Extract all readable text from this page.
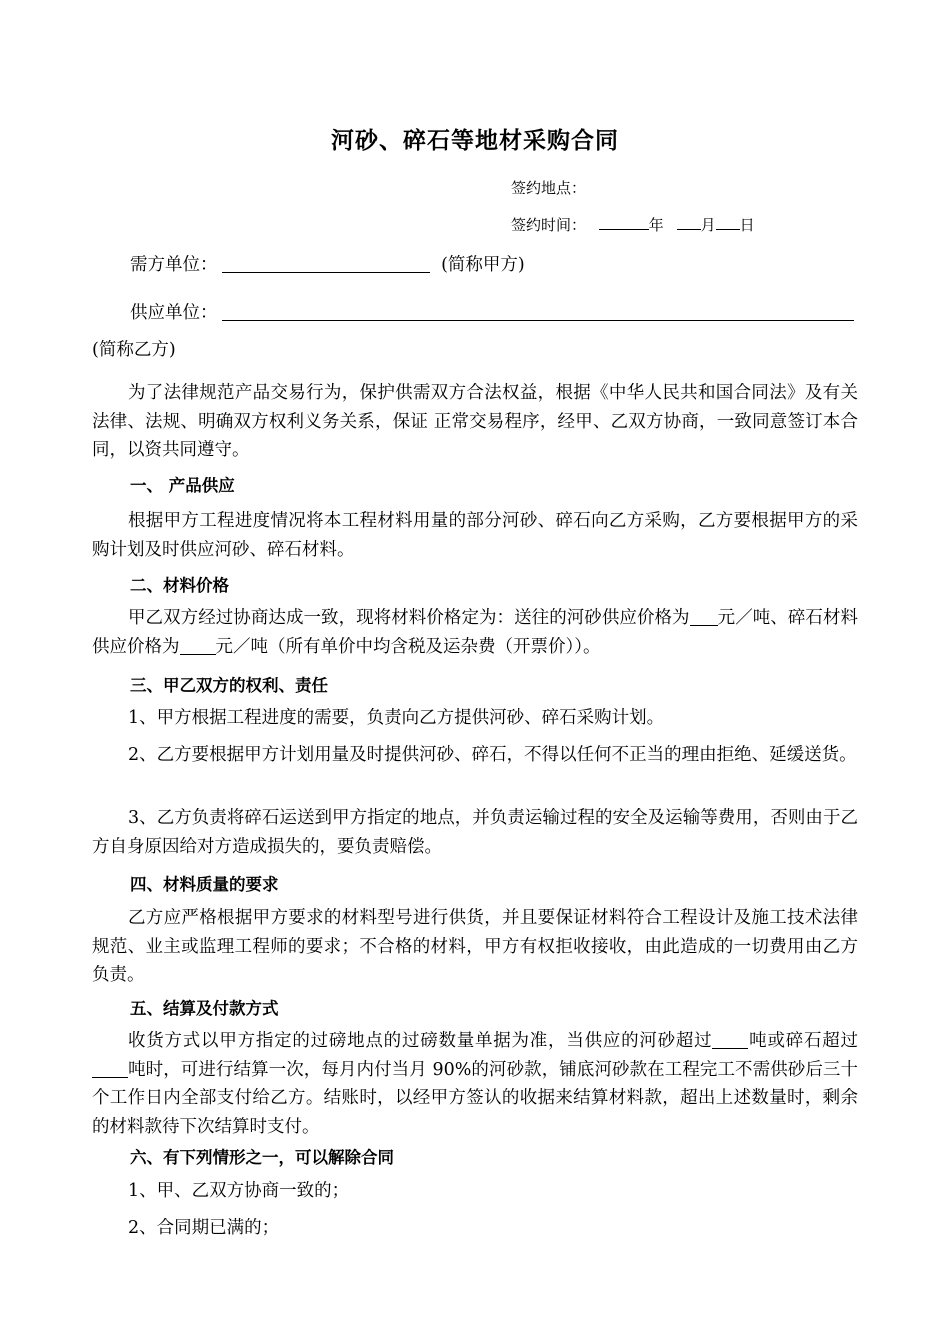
河砂、碎石等地材采购合同
签约地点：
签约时间：	年 月 日
需方单位：	(简称甲方)
供应单位：
(简称乙方)
为了法律规范产品交易行为，保护供需双方合法权益，根据《中华人民共和国合同法》及有关法律、法规、明确双方权利义务关系，保证 正常交易程序，经甲、乙双方协商，一致同意签订本合同，以资共同遵守。
一、 产品供应
根据甲方工程进度情况将本工程材料用量的部分河砂、碎石向乙方采购，乙方要根据甲方的采购计划及时供应河砂、碎石材料。
二、材料价格
甲乙双方经过协商达成一致，现将材料价格定为：送往的河砂供应价格为 元／吨、碎石材料供应价格为 元／吨（所有单价中均含税及运杂费（开票价））。
三、甲乙双方的权利、责任
1、甲方根据工程进度的需要，负责向乙方提供河砂、碎石采购计划。
2、乙方要根据甲方计划用量及时提供河砂、碎石，不得以任何不正当的理由拒绝、延缓送货。
3、乙方负责将碎石运送到甲方指定的地点，并负责运输过程的安全及运输等费用，否则由于乙方自身原因给对方造成损失的，要负责赔偿。
四、材料质量的要求
乙方应严格根据甲方要求的材料型号进行供货，并且要保证材料符合工程设计及施工技术法律规范、业主或监理工程师的要求；不合格的材料，甲方有权拒收接收，由此造成的一切费用由乙方负责。
五、结算及付款方式
收货方式以甲方指定的过磅地点的过磅数量单据为准，当供应的河砂超过 吨或碎石超过吨时，可进行结算一次，每月内付当月 90%的河砂款，铺底河砂款在工程完工不需供砂后三十个工作日内全部支付给乙方。结账时，以经甲方签认的收据来结算材料款，超出上述数量时，剩余的材料款待下次结算时支付。
六、有下列情形之一，可以解除合同
1、甲、乙双方协商一致的；
2、合同期已满的；
